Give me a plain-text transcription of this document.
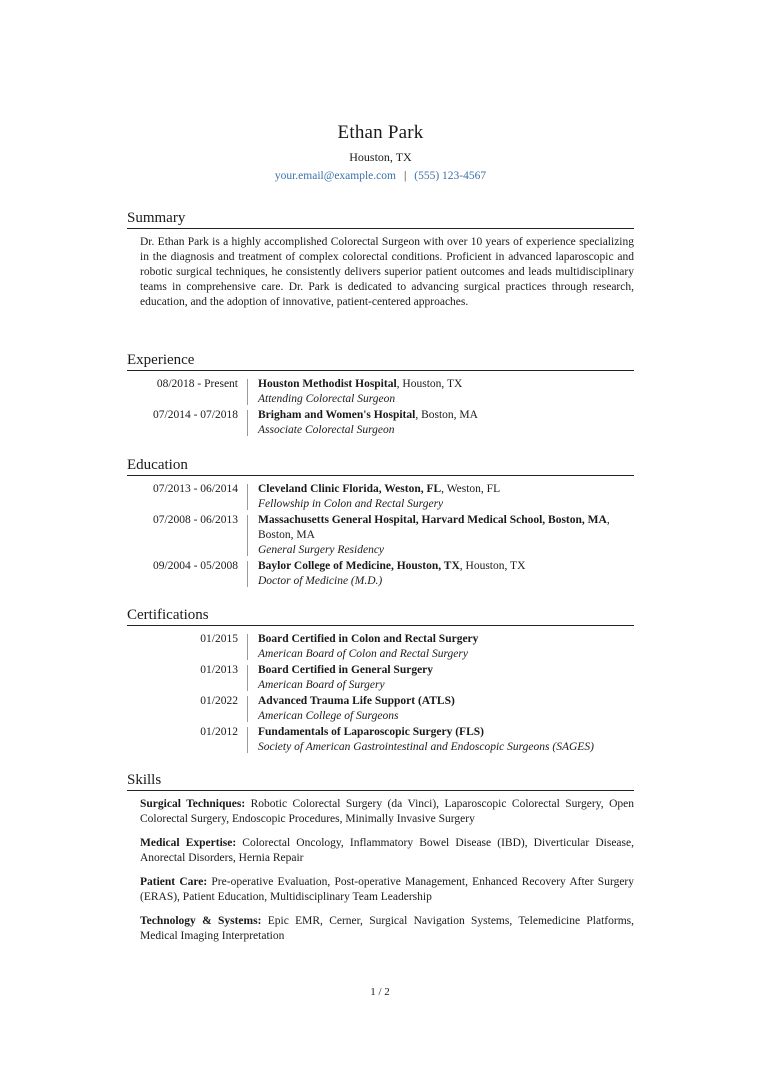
Ethan Park
Houston, TX
your.email@example.com | (555) 123-4567
Summary

Dr. Ethan Park is a highly accomplished Colorectal Surgeon with over 10 years of experience specializing in the diagnosis and treatment of complex colorectal conditions. Proficient in advanced laparoscopic and robotic surgical techniques, he consistently delivers superior patient outcomes and leads multidisciplinary teams in comprehensive care. Dr. Park is dedicated to advancing surgical practices through research, education, and the adoption of innovative, patient-centered approaches.

Experience
08/2018 - Present Houston Methodist Hospital, Houston, TX
Attending Colorectal Surgeon
07/2014 - 07/2018 Brigham and Women's Hospital, Boston, MA
Associate Colorectal Surgeon
Education
07/2013 - 06/2014 Cleveland Clinic Florida, Weston, FL, Weston, FL
Fellowship in Colon and Rectal Surgery
07/2008 - 06/2013 Massachusetts General Hospital, Harvard Medical School, Boston, MA, Boston, MA
General Surgery Residency
09/2004 - 05/2008 Baylor College of Medicine, Houston, TX, Houston, TX
Doctor of Medicine (M.D.)
Certifications
01/2015 Board Certified in Colon and Rectal Surgery
American Board of Colon and Rectal Surgery
01/2013 Board Certified in General Surgery
American Board of Surgery
01/2022 Advanced Trauma Life Support (ATLS)
American College of Surgeons
01/2012 Fundamentals of Laparoscopic Surgery (FLS)
Society of American Gastrointestinal and Endoscopic Surgeons (SAGES)
Skills
Surgical Techniques: Robotic Colorectal Surgery (da Vinci), Laparoscopic Colorectal Surgery, Open Colorectal Surgery, Endoscopic Procedures, Minimally Invasive Surgery
Medical Expertise: Colorectal Oncology, Inflammatory Bowel Disease (IBD), Diverticular Disease, Anorectal Disorders, Hernia Repair
Patient Care: Pre-operative Evaluation, Post-operative Management, Enhanced Recovery After Surgery (ERAS), Patient Education, Multidisciplinary Team Leadership
Technology & Systems: Epic EMR, Cerner, Surgical Navigation Systems, Telemedicine Platforms, Medical Imaging Interpretation
1 / 2
